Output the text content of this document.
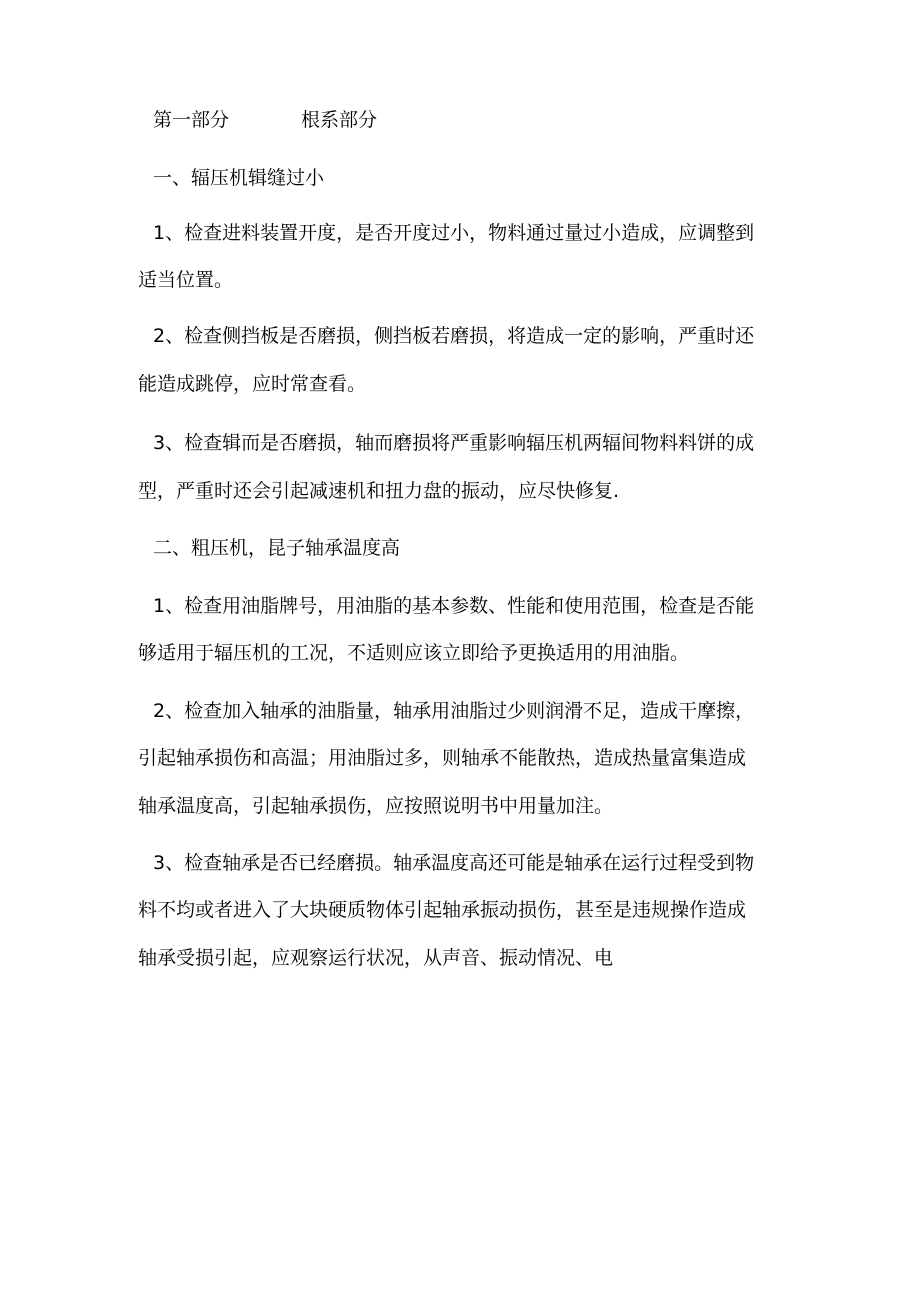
第一部分	根系部分
一、辐压机辑缝过小
1、检查进料装置开度，是否开度过小，物料通过量过小造成，应调整到
适当位置。
2、检查侧挡板是否磨损，侧挡板若磨损，将造成一定的影响，严重时还
能造成跳停，应时常查看。
3、检查辑而是否磨损，轴而磨损将严重影响辐压机两辐间物料料饼的成
型，严重时还会引起减速机和扭力盘的振动，应尽快修复.
二、粗压机，昆子轴承温度高
1、检查用油脂牌号，用油脂的基本参数、性能和使用范围，检查是否能
够适用于辐压机的工况，不适则应该立即给予更换适用的用油脂。
2、检查加入轴承的油脂量，轴承用油脂过少则润滑不足，造成干摩擦，
引起轴承损伤和高温；用油脂过多，则轴承不能散热，造成热量富集造成
轴承温度高，引起轴承损伤，应按照说明书中用量加注。
3、检查轴承是否已经磨损。轴承温度高还可能是轴承在运行过程受到物
料不均或者进入了大块硬质物体引起轴承振动损伤，甚至是违规操作造成
轴承受损引起，应观察运行状况，从声音、振动情况、电
